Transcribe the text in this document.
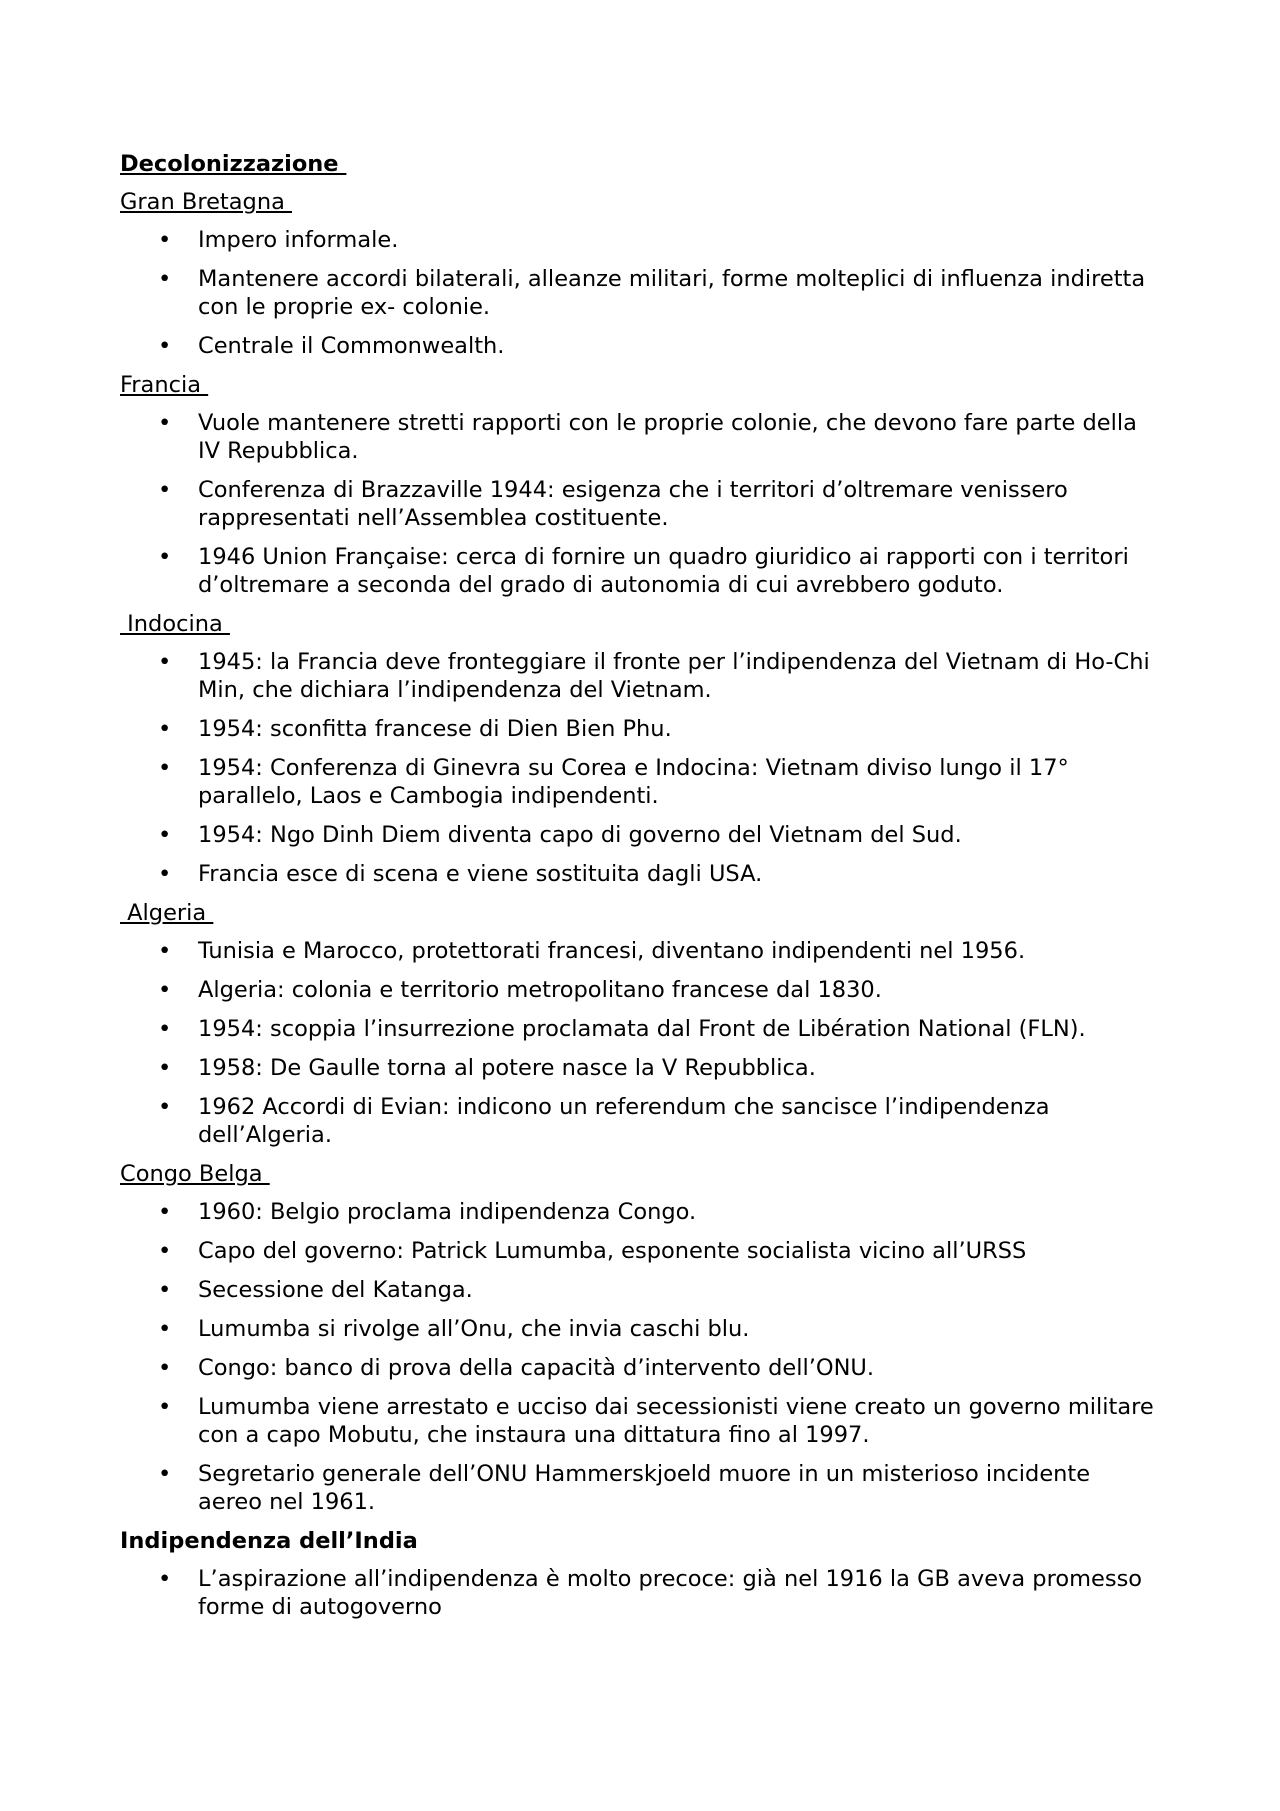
Decolonizzazione
Gran Bretagna
• Impero informale.
• Mantenere accordi bilaterali, alleanze militari, forme molteplici di influenza indiretta con le proprie ex- colonie.
• Centrale il Commonwealth.
Francia
• Vuole mantenere stretti rapporti con le proprie colonie, che devono fare parte della IV Repubblica.
• Conferenza di Brazzaville 1944: esigenza che i territori d’oltremare venissero rappresentati nell’Assemblea costituente.
• 1946 Union Française: cerca di fornire un quadro giuridico ai rapporti con i territori d’oltremare a seconda del grado di autonomia di cui avrebbero goduto.
Indocina
• 1945: la Francia deve fronteggiare il fronte per l’indipendenza del Vietnam di Ho-Chi Min, che dichiara l’indipendenza del Vietnam.
• 1954: sconfitta francese di Dien Bien Phu.
• 1954: Conferenza di Ginevra su Corea e Indocina: Vietnam diviso lungo il 17° parallelo, Laos e Cambogia indipendenti.
• 1954: Ngo Dinh Diem diventa capo di governo del Vietnam del Sud.
• Francia esce di scena e viene sostituita dagli USA.
Algeria
• Tunisia e Marocco, protettorati francesi, diventano indipendenti nel 1956.
• Algeria: colonia e territorio metropolitano francese dal 1830.
• 1954: scoppia l’insurrezione proclamata dal Front de Libération National (FLN).
• 1958: De Gaulle torna al potere nasce la V Repubblica.
• 1962 Accordi di Evian: indicono un referendum che sancisce l’indipendenza dell’Algeria.
Congo Belga
• 1960: Belgio proclama indipendenza Congo.
• Capo del governo: Patrick Lumumba, esponente socialista vicino all’URSS
• Secessione del Katanga.
• Lumumba si rivolge all’Onu, che invia caschi blu.
• Congo: banco di prova della capacità d’intervento dell’ONU.
• Lumumba viene arrestato e ucciso dai secessionisti viene creato un governo militare con a capo Mobutu, che instaura una dittatura fino al 1997.
• Segretario generale dell’ONU Hammerskjoeld muore in un misterioso incidente aereo nel 1961.
Indipendenza dell’India
• L’aspirazione all’indipendenza è molto precoce: già nel 1916 la GB aveva promesso forme di autogoverno
